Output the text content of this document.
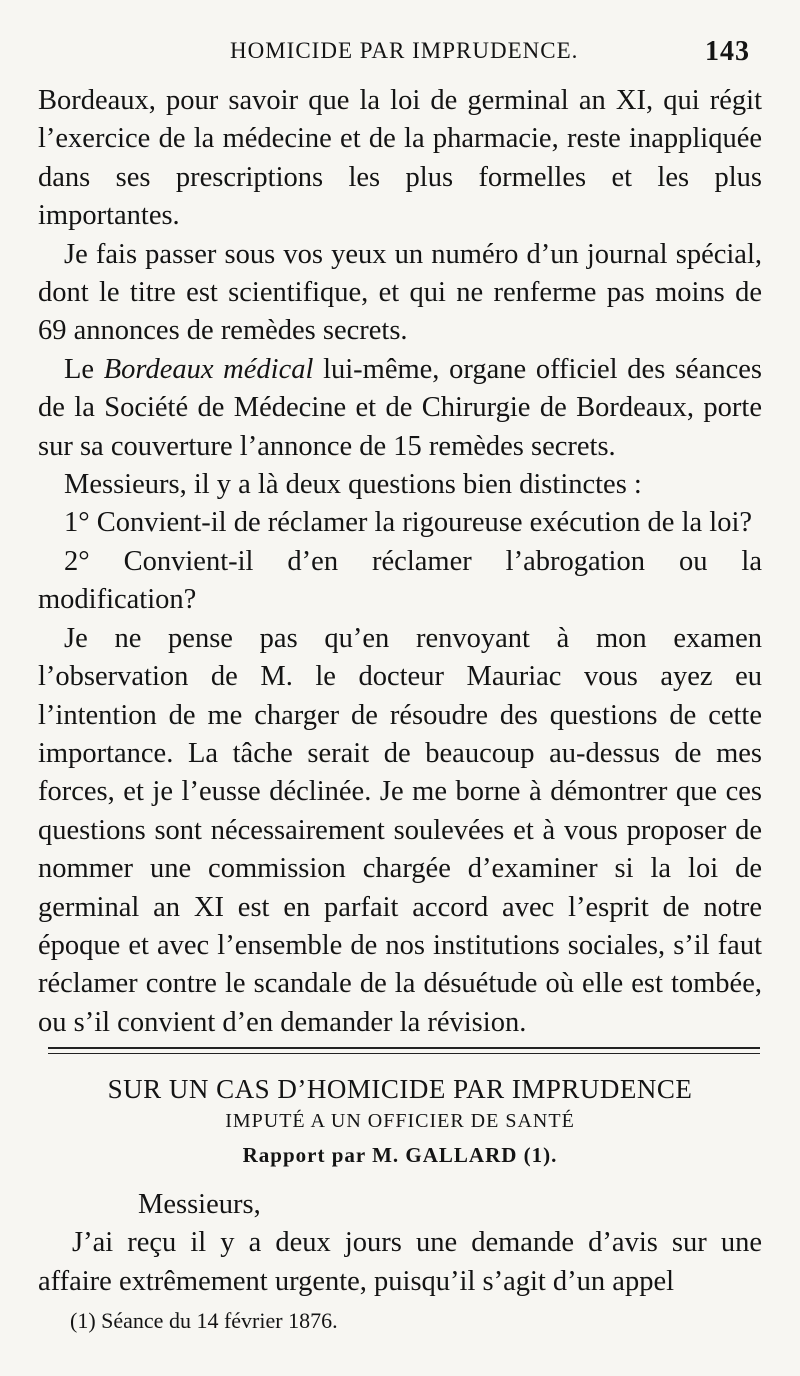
HOMICIDE PAR IMPRUDENCE.	143

Bordeaux, pour savoir que la loi de germinal an XI, qui régit l’exercice de la médecine et de la pharmacie, reste inappliquée dans ses prescriptions les plus formelles et les plus importantes.

Je fais passer sous vos yeux un numéro d’un journal spécial, dont le titre est scientifique, et qui ne renferme pas moins de 69 annonces de remèdes secrets.

Le Bordeaux médical lui-même, organe officiel des séances de la Société de Médecine et de Chirurgie de Bordeaux, porte sur sa couverture l’annonce de 15 remèdes secrets.

Messieurs, il y a là deux questions bien distinctes :

1° Convient-il de réclamer la rigoureuse exécution de la loi?

2° Convient-il d’en réclamer l’abrogation ou la modification?

Je ne pense pas qu’en renvoyant à mon examen l’observation de M. le docteur Mauriac vous ayez eu l’intention de me charger de résoudre des questions de cette importance. La tâche serait de beaucoup au-dessus de mes forces, et je l’eusse déclinée. Je me borne à démontrer que ces questions sont nécessairement soulevées et à vous proposer de nommer une commission chargée d’examiner si la loi de germinal an XI est en parfait accord avec l’esprit de notre époque et avec l’ensemble de nos institutions sociales, s’il faut réclamer contre le scandale de la désuétude où elle est tombée, ou s’il convient d’en demander la révision.

SUR UN CAS D’HOMICIDE PAR IMPRUDENCE
IMPUTÉ A UN OFFICIER DE SANTÉ
Rapport par M. GALLARD (1).

Messieurs,

J’ai reçu il y a deux jours une demande d’avis sur une affaire extrêmement urgente, puisqu’il s’agit d’un appel

(1) Séance du 14 février 1876.
